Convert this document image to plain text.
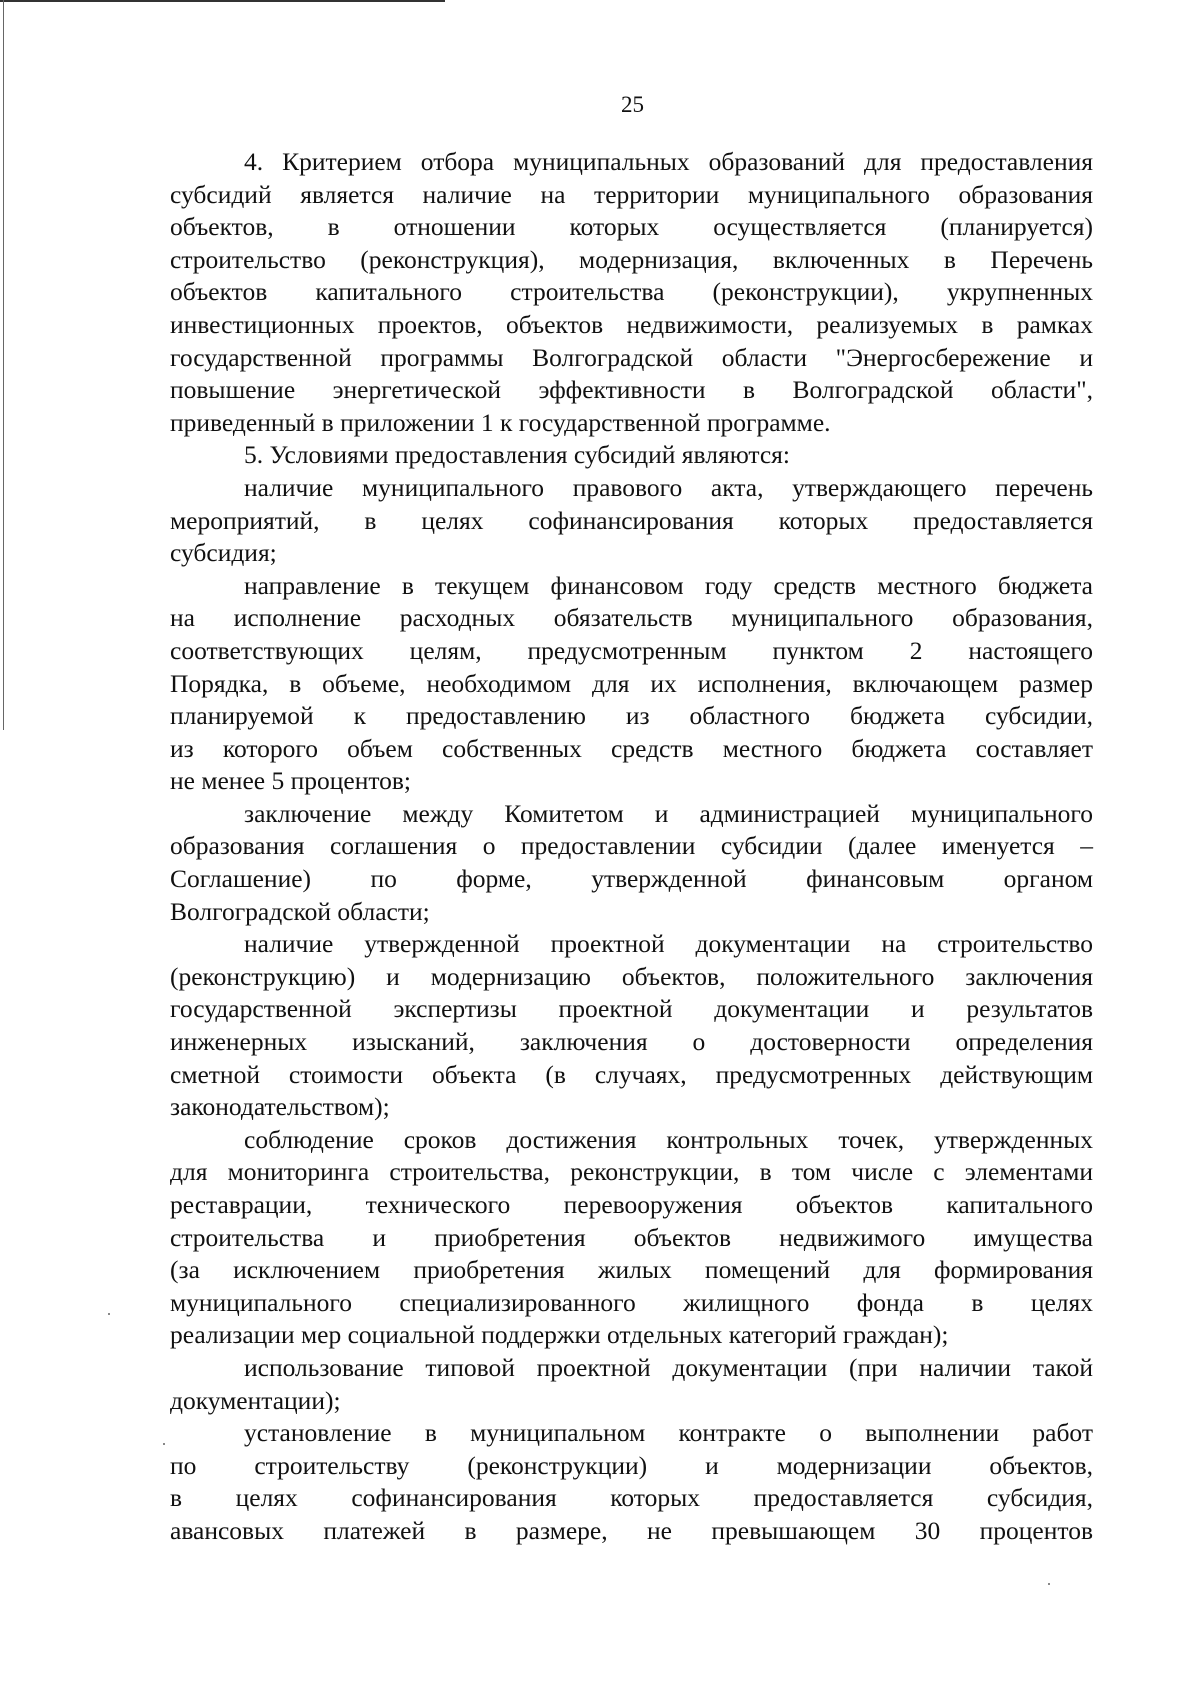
25
4. Критерием отбора муниципальных образований для предоставления
субсидий является наличие на территории муниципального образования
объектов, в отношении которых осуществляется (планируется)
строительство (реконструкция), модернизация, включенных в Перечень
объектов капитального строительства (реконструкции), укрупненных
инвестиционных проектов, объектов недвижимости, реализуемых в рамках
государственной программы Волгоградской области "Энергосбережение и
повышение энергетической эффективности в Волгоградской области",
приведенный в приложении 1 к государственной программе.
5. Условиями предоставления субсидий являются:
наличие муниципального правового акта, утверждающего перечень
мероприятий, в целях софинансирования которых предоставляется
субсидия;
направление в текущем финансовом году средств местного бюджета
на исполнение расходных обязательств муниципального образования,
соответствующих целям, предусмотренным пунктом 2 настоящего
Порядка, в объеме, необходимом для их исполнения, включающем размер
планируемой к предоставлению из областного бюджета субсидии,
из которого объем собственных средств местного бюджета составляет
не менее 5 процентов;
заключение между Комитетом и администрацией муниципального
образования соглашения о предоставлении субсидии (далее именуется –
Соглашение) по форме, утвержденной финансовым органом
Волгоградской области;
наличие утвержденной проектной документации на строительство
(реконструкцию) и модернизацию объектов, положительного заключения
государственной экспертизы проектной документации и результатов
инженерных изысканий, заключения о достоверности определения
сметной стоимости объекта (в случаях, предусмотренных действующим
законодательством);
соблюдение сроков достижения контрольных точек, утвержденных
для мониторинга строительства, реконструкции, в том числе с элементами
реставрации, технического перевооружения объектов капитального
строительства и приобретения объектов недвижимого имущества
(за исключением приобретения жилых помещений для формирования
муниципального специализированного жилищного фонда в целях
реализации мер социальной поддержки отдельных категорий граждан);
использование типовой проектной документации (при наличии такой
документации);
установление в муниципальном контракте о выполнении работ
по строительству (реконструкции) и модернизации объектов,
в целях софинансирования которых предоставляется субсидия,
авансовых платежей в размере, не превышающем 30 процентов
